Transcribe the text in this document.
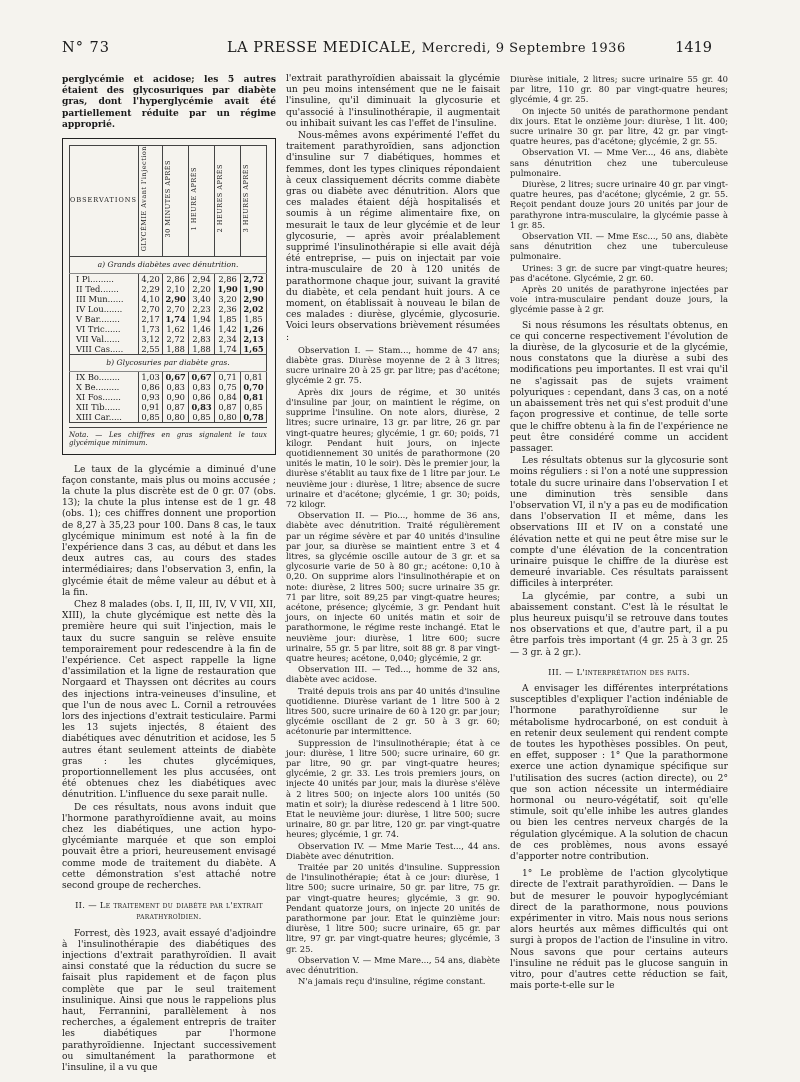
N° 73	LA PRESSE MEDICALE, Mercredi, 9 Septembre 1936	1419

perglycémie et acidose; les 5 autres étaient des glycosuriques par diabète gras, dont l'hyperglycémie avait été partiellement réduite par un régime approprié.

OBSERVATIONS	GLYCÉMIE Avant l'injection	30 MINUTES APRÈS	1 HEURE APRÈS	2 HEURES APRÈS	3 HEURES APRÈS
a) Grands diabètes avec dénutrition.					
I Pi.........	4,20	2,86	2,94	2,86	2,72
II Ted.......	2,29	2,10	2,20	1,90	1,90
III Mun......	4,10	2,90	3,40	3,20	2,90
IV Lou.......	2,70	2,70	2,23	2,36	2,02
V Bar........	2,17	1,74	1,94	1,85	1,85
VI Tric......	1,73	1,62	1,46	1,42	1,26
VII Val......	3,12	2,72	2,83	2,34	2,13
VIII Cas.....	2,55	1,88	1,88	1,74	1,65
b) Glycosuries par diabète gras.					
IX Bo........	1,03	0,67	0,67	0,71	0,81
X Be.........	0,86	0,83	0,83	0,75	0,70
XI Fos.......	0,93	0,90	0,86	0,84	0,81
XII Tib......	0,91	0,87	0,83	0,87	0,85
XIII Car.....	0,85	0,80	0,85	0,80	0,78
Nota. — Les chiffres en gras signalent le taux glycémique minimum.

Le taux de la glycémie a diminué d'une façon constante, mais plus ou moins accusée ; la chute la plus discrète est de 0 gr. 07 (obs. 13); la chute la plus intense est de 1 gr. 48 (obs. 1); ces chiffres donnent une proportion de 8,27 à 35,23 pour 100. Dans 8 cas, le taux glycémique minimum est noté à la fin de l'expérience dans 3 cas, au début et dans les deux autres cas, au cours des stades intermédiaires; dans l'observation 3, enfin, la glycémie était de même valeur au début et à la fin.

Chez 8 malades (obs. I, II, III, IV, V VII, XII, XIII), la chute glycémique est nette dès la première heure qui suit l'injection, mais le taux du sucre sanguin se relève ensuite temporairement pour redescendre à la fin de l'expérience. Cet aspect rappelle la ligne d'assimilation et la ligne de restauration que Norgaard et Thayssen ont décrites au cours des injections intra-veineuses d'insuline, et que l'un de nous avec L. Cornil a retrouvées lors des injections d'extrait testiculaire. Parmi les 13 sujets injectés, 8 étaient des diabétiques avec dénutrition et acidose, les 5 autres étant seulement atteints de diabète gras : les chutes glycémiques, proportionnellement les plus accusées, ont été obtenues chez les diabétiques avec dénutrition. L'influence du sexe parait nulle.

De ces résultats, nous avons induit que l'hormone parathyroïdienne avait, au moins chez les diabétiques, une action hypo-glycémiante marquée et que son emploi pouvait être a priori, heureusement envisagé comme mode de traitement du diabète. A cette démonstration s'est attaché notre second groupe de recherches.

II. — Le traitement du diabète par l'extrait parathyroïdien.

Forrest, dès 1923, avait essayé d'adjoindre à l'insulinothérapie des diabétiques des injections d'extrait parathyroïdien. Il avait ainsi constaté que la réduction du sucre se faisait plus rapidement et de façon plus complète que par le seul traitement insulinique. Ainsi que nous le rappelions plus haut, Ferrannini, parallèlement à nos recherches, a également entrepris de traiter les diabétiques par l'hormone parathyroïdienne. Injectant successivement ou simultanément la parathormone et l'insuline, il a vu que

l'extrait parathyroïdien abaissait la glycémie un peu moins intensément que ne le faisait l'insuline, qu'il diminuait la glycosurie et qu'associé à l'insulinothérapie, il augmentait ou inhibait suivant les cas l'effet de l'insuline.

Nous-mêmes avons expérimenté l'effet du traitement parathyroïdien, sans adjonction d'insuline sur 7 diabétiques, hommes et femmes, dont les types cliniques répondaient à ceux classiquement décrits comme diabète gras ou diabète avec dénutrition. Alors que ces malades étaient déjà hospitalisés et soumis à un régime alimentaire fixe, on mesurait le taux de leur glycémie et de leur glycosurie, — après avoir préalablement supprimé l'insulinothérapie si elle avait déjà été entreprise, — puis on injectait par voie intra-musculaire de 20 à 120 unités de parathormone chaque jour, suivant la gravité du diabète, et cela pendant huit jours. A ce moment, on établissait à nouveau le bilan de ces malades : diurèse, glycémie, glycosurie. Voici leurs observations brièvement résumées :

Observation I. — Stam..., homme de 47 ans; diabète gras. Diurèse moyenne de 2 à 3 litres; sucre urinaire 20 à 25 gr. par litre; pas d'acétone; glycémie 2 gr. 75.

Après dix jours de régime, et 30 unités d'insuline par jour, on maintient le régime, on supprime l'insuline. On note alors, diurèse, 2 litres; sucre urinaire, 13 gr. par litre, 26 gr. par vingt-quatre heures; glycémie, 1 gr. 60; poids, 71 kilogr. Pendant huit jours, on injecte quotidiennement 30 unités de parathormone (20 unités le matin, 10 le soir). Dès le premier jour, la diurèse s'établit au taux fixe de 1 litre par jour. Le neuvième jour : diurèse, 1 litre; absence de sucre urinaire et d'acétone; glycémie, 1 gr. 30; poids, 72 kilogr.

Observation II. — Pio..., homme de 36 ans, diabète avec dénutrition. Traité régulièrement par un régime sévère et par 40 unités d'insuline par jour, sa diurèse se maintient entre 3 et 4 litres, sa glycémie oscille autour de 3 gr. et sa glycosurie varie de 50 à 80 gr.; acétone: 0,10 à 0,20. On supprime alors l'insulinothérapie et on note: diurèse, 2 litres 500; sucre urinaire 35 gr. 71 par litre, soit 89,25 par vingt-quatre heures; acétone, présence; glycémie, 3 gr. Pendant huit jours, on injecte 60 unités matin et soir de parathormone, le régime reste inchangé. Etat le neuvième jour: diurèse, 1 litre 600; sucre urinaire, 55 gr. 5 par litre, soit 88 gr. 8 par vingt-quatre heures; acétone, 0,040; glycémie, 2 gr.

Observation III. — Ted..., homme de 32 ans, diabète avec acidose.

Traité depuis trois ans par 40 unités d'insuline quotidienne. Diurèse variant de 1 litre 500 à 2 litres 500, sucre urinaire de 60 à 120 gr. par jour; glycémie oscillant de 2 gr. 50 à 3 gr. 60; acétonurie par intermittence.

Suppression de l'insulinothérapie; état à ce jour: diurèse, 1 litre 500; sucre urinaire, 60 gr. par litre, 90 gr. par vingt-quatre heures; glycémie, 2 gr. 33. Les trois premiers jours, on injecte 40 unités par jour, mais la diurèse s'élève à 2 litres 500; on injecte alors 100 unités (50 matin et soir); la diurèse redescend à 1 litre 500. Etat le neuvième jour: diurèse, 1 litre 500; sucre urinaire, 80 gr. par litre, 120 gr. par vingt-quatre heures; glycémie, 1 gr. 74.

Observation IV. — Mme Marie Test..., 44 ans. Diabète avec dénutrition.

Traitée par 20 unités d'insuline. Suppression de l'insulinothérapie; état à ce jour: diurèse, 1 litre 500; sucre urinaire, 50 gr. par litre, 75 gr. par vingt-quatre heures; glycémie, 3 gr. 90. Pendant quatorze jours, on injecte 20 unités de parathormone par jour. Etat le quinzième jour: diurèse, 1 litre 500; sucre urinaire, 65 gr. par litre, 97 gr. par vingt-quatre heures; glycémie, 3 gr. 25.

Observation V. — Mme Mare..., 54 ans, diabète avec dénutrition.

N'a jamais reçu d'insuline, régime constant.

Diurèse initiale, 2 litres; sucre urinaire 55 gr. 40 par litre, 110 gr. 80 par vingt-quatre heures; glycémie, 4 gr. 25.

On injecte 50 unités de parathormone pendant dix jours. Etat le onzième jour: diurèse, 1 lit. 400; sucre urinaire 30 gr. par litre, 42 gr. par vingt-quatre heures, pas d'acétone; glycémie, 2 gr. 55.

Observation VI. — Mme Ver..., 46 ans, diabète sans dénutrition chez une tuberculeuse pulmonaire.

Diurèse, 2 litres; sucre urinaire 40 gr. par vingt-quatre heures, pas d'acétone; glycémie, 2 gr. 55. Reçoit pendant douze jours 20 unités par jour de parathyrone intra-musculaire, la glycémie passe à 1 gr. 85.

Observation VII. — Mme Esc..., 50 ans, diabète sans dénutrition chez une tuberculeuse pulmonaire.

Urines: 3 gr. de sucre par vingt-quatre heures; pas d'acétone. Glycémie, 2 gr. 60.

Après 20 unités de parathyrone injectées par voie intra-musculaire pendant douze jours, la glycémie passe à 2 gr.

Si nous résumons les résultats obtenus, en ce qui concerne respectivement l'évolution de la diurèse, de la glycosurie et de la glycémie, nous constatons que la diurèse a subi des modifications peu importantes. Il est vrai qu'il ne s'agissait pas de sujets vraiment polyuriques : cependant, dans 3 cas, on a noté un abaissement très net qui s'est produit d'une façon progressive et continue, de telle sorte que le chiffre obtenu à la fin de l'expérience ne peut être considéré comme un accident passager.

Les résultats obtenus sur la glycosurie sont moins réguliers : si l'on a noté une suppression totale du sucre urinaire dans l'observation I et une diminution très sensible dans l'observation VI, il n'y a pas eu de modification dans l'observation II et même, dans les observations III et IV on a constaté une élévation nette et qui ne peut être mise sur le compte d'une élévation de la concentration urinaire puisque le chiffre de la diurèse est demeuré invariable. Ces résultats paraissent difficiles à interpréter.

La glycémie, par contre, a subi un abaissement constant. C'est là le résultat le plus heureux puisqu'il se retrouve dans toutes nos observations et que, d'autre part, il a pu être parfois très important (4 gr. 25 à 3 gr. 25 — 3 gr. à 2 gr.).

III. — L'interprétation des faits.

A envisager les différentes interprétations susceptibles d'expliquer l'action indéniable de l'hormone parathyroïdienne sur le métabolisme hydrocarboné, on est conduit à en retenir deux seulement qui rendent compte de toutes les hypothèses possibles. On peut, en effet, supposer : 1° Que la parathormone exerce une action dynamique spécifique sur l'utilisation des sucres (action directe), ou 2° que son action nécessite un intermédiaire hormonal ou neuro-végétatif, soit qu'elle stimule, soit qu'elle inhibe les autres glandes ou bien les centres nerveux chargés de la régulation glycémique. A la solution de chacun de ces problèmes, nous avons essayé d'apporter notre contribution.

1° Le problème de l'action glycolytique directe de l'extrait parathyroïdien. — Dans le but de mesurer le pouvoir hypoglycémiant direct de la parathormone, nous pouvions expérimenter in vitro. Mais nous nous serions alors heurtés aux mêmes difficultés qui ont surgi à propos de l'action de l'insuline in vitro. Nous savons que pour certains auteurs l'insuline ne réduit pas le glucose sanguin in vitro, pour d'autres cette réduction se fait, mais porte-t-elle sur le
